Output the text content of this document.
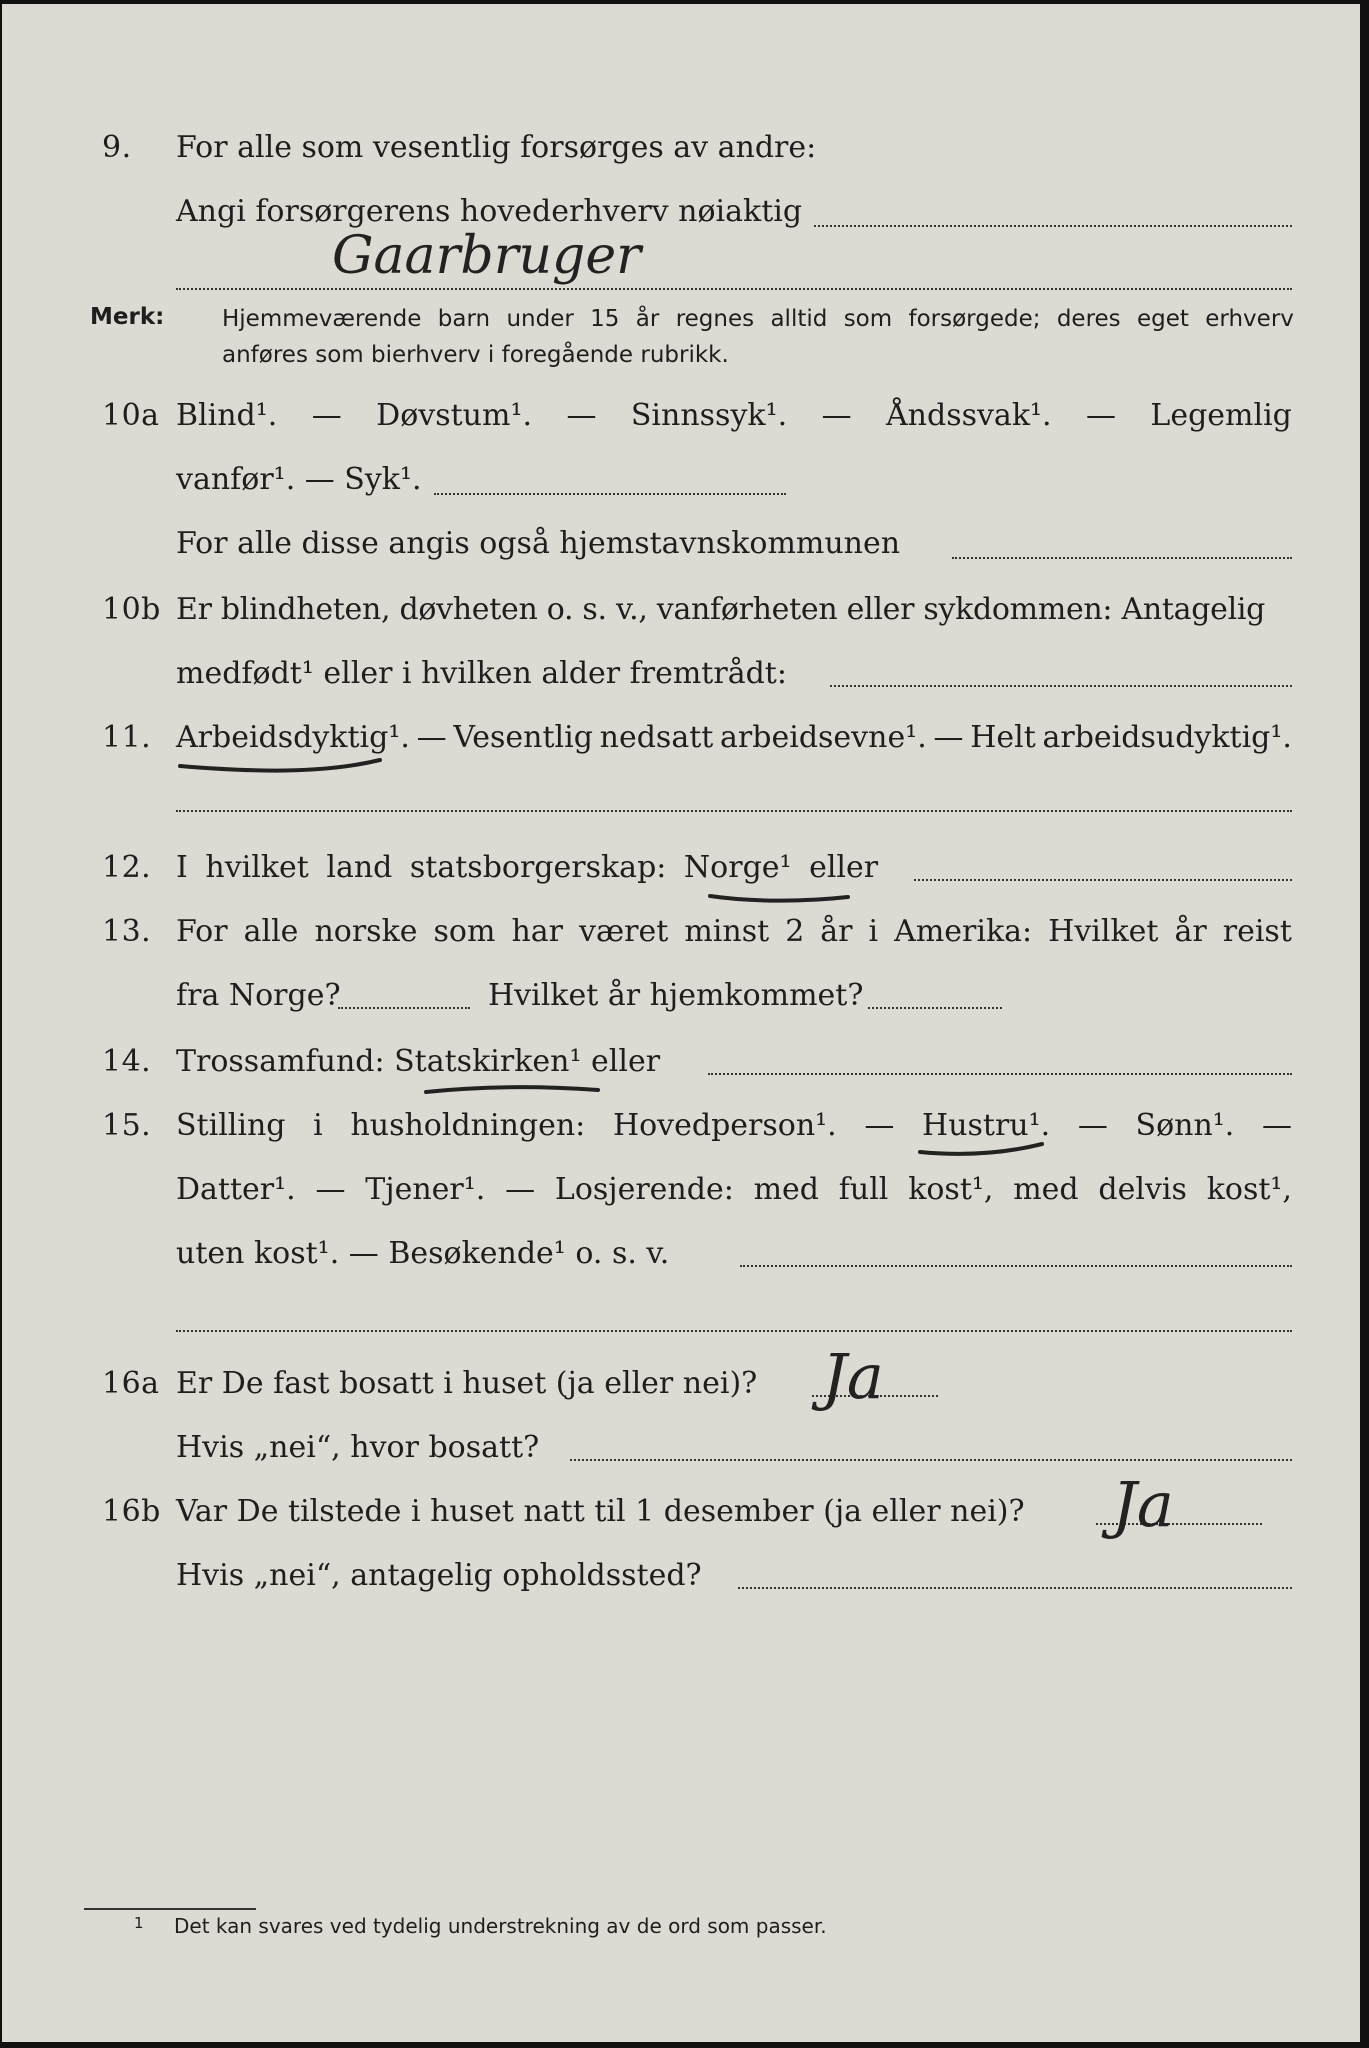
9. For alle som vesentlig forsørges av andre:
Angi forsørgerens hovederhverv nøiaktig
Gaarbruger
Merk:	Hjemmeværende barn under 15 år regnes alltid som forsørgede; deres eget erhverv
anføres som bierhverv i foregående rubrikk.
10a Blind¹. — Døvstum¹. — Sinnssyk¹. — Åndssvak¹. — Legemlig
vanfør¹. — Syk¹.
For alle disse angis også hjemstavnskommunen
10b Er blindheten, døvheten o. s. v., vanførheten eller sykdommen: Antagelig
medfødt¹ eller i hvilken alder fremtrådt:
11. Arbeidsdyktig¹. — Vesentlig nedsatt arbeidsevne¹. — Helt arbeidsudyktig¹.
12. I hvilket land statsborgerskap: Norge¹ eller
13. For alle norske som har været minst 2 år i Amerika: Hvilket år reist
fra Norge?	Hvilket år hjemkommet?
14. Trossamfund: Statskirken¹ eller
15. Stilling i husholdningen: Hovedperson¹. — Hustru¹. — Sønn¹. —
Datter¹. — Tjener¹. — Losjerende: med full kost¹, med delvis kost¹,
uten kost¹. — Besøkende¹ o. s. v.
16a Er De fast bosatt i huset (ja eller nei)? Ja
Hvis „nei“, hvor bosatt?
16b Var De tilstede i huset natt til 1 desember (ja eller nei)? Ja
Hvis „nei“, antagelig opholdssted?
1 Det kan svares ved tydelig understrekning av de ord som passer.
